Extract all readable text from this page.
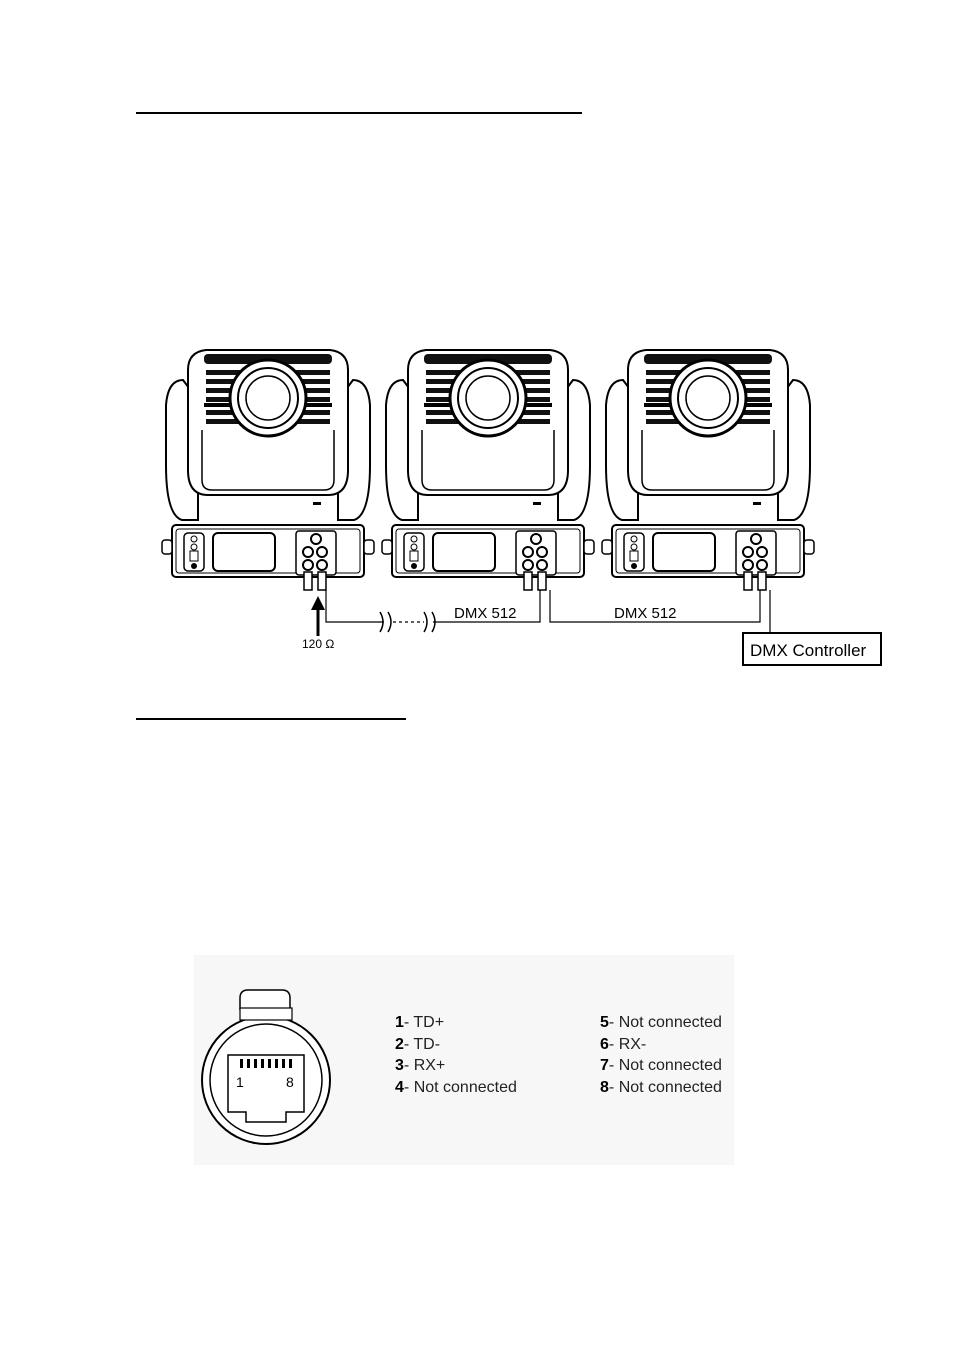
120 Ω
DMX 512	DMX 512
DMX Controller
1	8
1- TD+
2- TD-
3- RX+
4- Not connected
5- Not connected
6- RX-
7- Not connected
8- Not connected
